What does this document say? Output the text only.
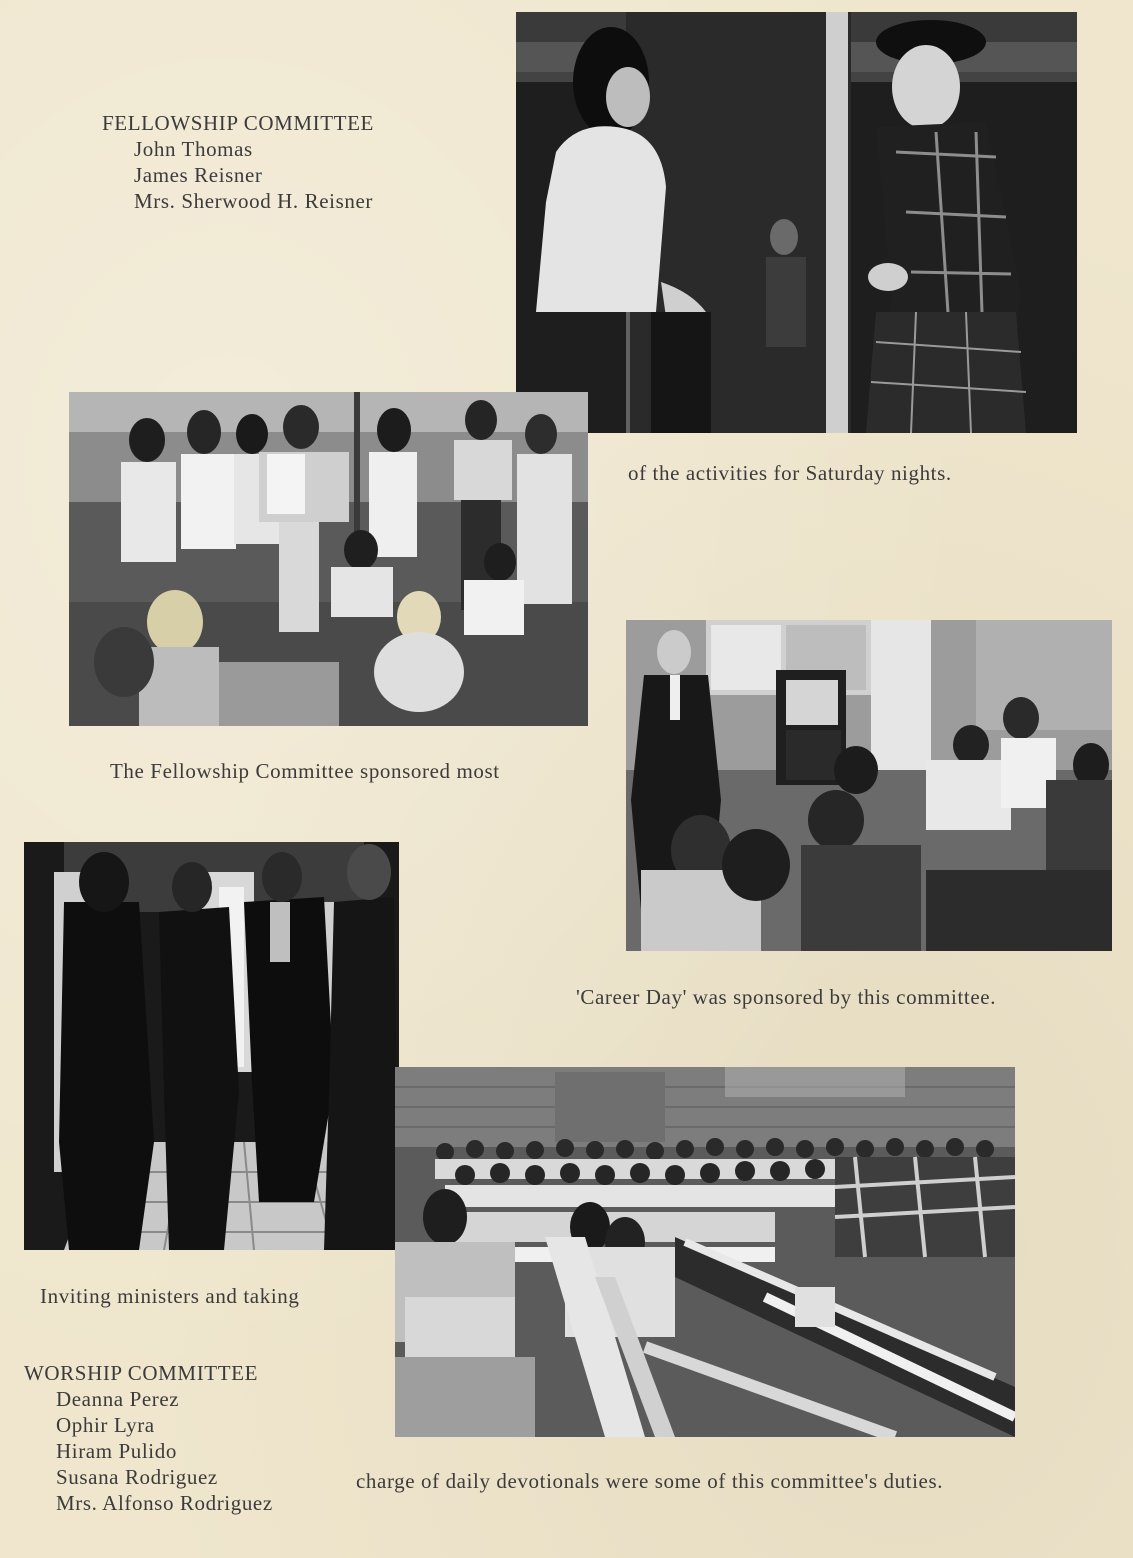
FELLOWSHIP COMMITTEE
John Thomas
James Reisner
Mrs. Sherwood H. Reisner
of the activities for Saturday nights.
The Fellowship Committee sponsored most
'Career Day' was sponsored by this committee.
Inviting ministers and taking
WORSHIP COMMITTEE
Deanna Perez
Ophir Lyra
Hiram Pulido
Susana Rodriguez
Mrs. Alfonso Rodriguez
charge of daily devotionals were some of this committee's duties.
